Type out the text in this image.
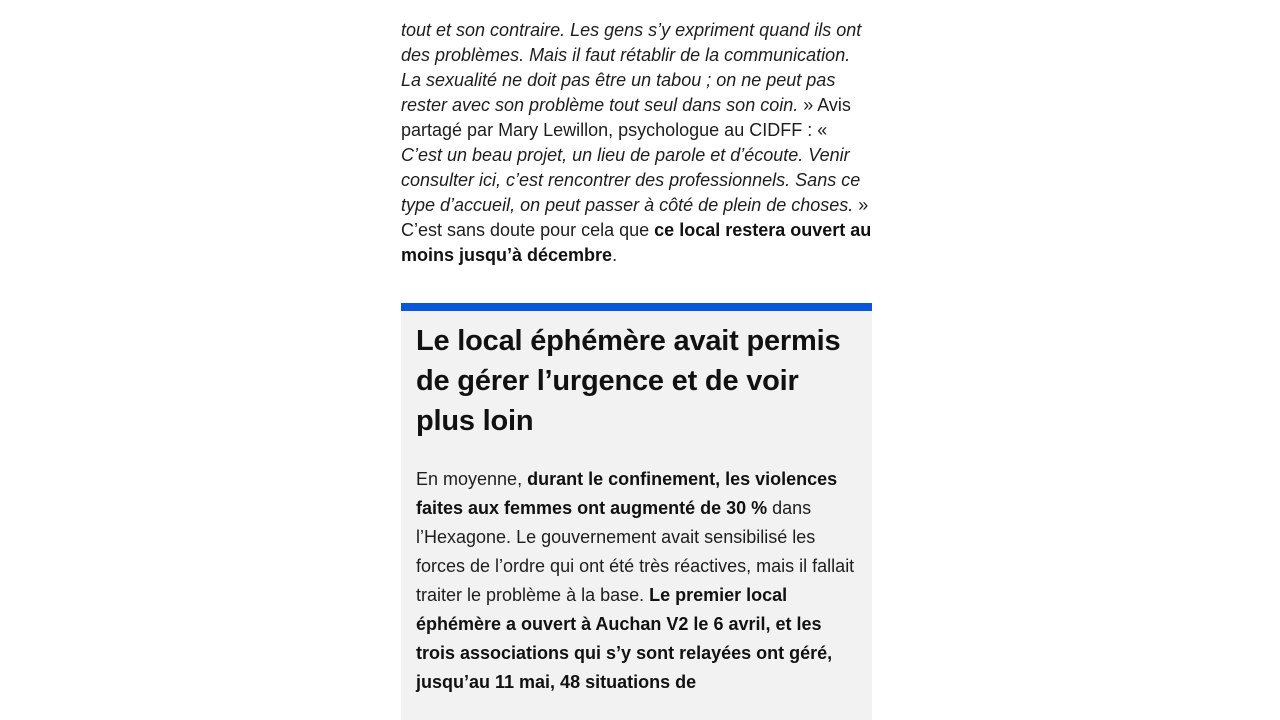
tout et son contraire. Les gens s’y expriment quand ils ont des problèmes. Mais il faut rétablir de la communication. La sexualité ne doit pas être un tabou ; on ne peut pas rester avec son problème tout seul dans son coin. » Avis partagé par Mary Lewillon, psychologue au CIDFF : « C’est un beau projet, un lieu de parole et d’écoute. Venir consulter ici, c’est rencontrer des professionnels. Sans ce type d’accueil, on peut passer à côté de plein de choses. » C’est sans doute pour cela que ce local restera ouvert au moins jusqu’à décembre.

Le local éphémère avait permis de gérer l’urgence et de voir plus loin

En moyenne, durant le confinement, les violences faites aux femmes ont augmenté de 30 % dans l’Hexagone. Le gouvernement avait sensibilisé les forces de l’ordre qui ont été très réactives, mais il fallait traiter le problème à la base. Le premier local éphémère a ouvert à Auchan V2 le 6 avril, et les trois associations qui s’y sont relayées ont géré, jusqu’au 11 mai, 48 situations de
